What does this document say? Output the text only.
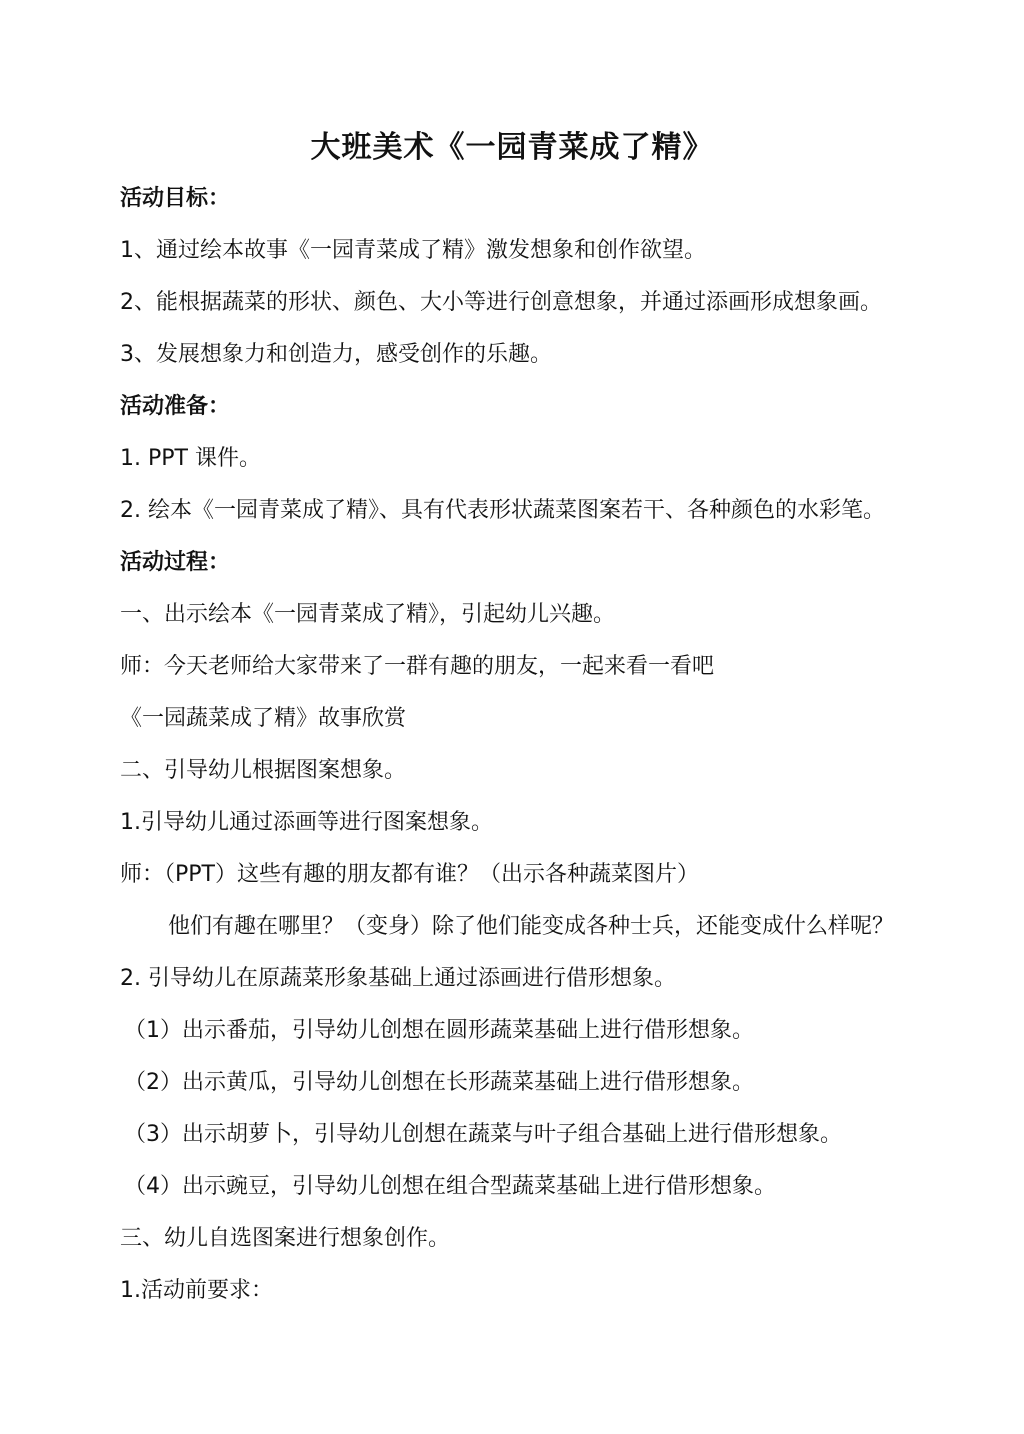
大班美术《一园青菜成了精》
活动目标：
1、通过绘本故事《一园青菜成了精》激发想象和创作欲望。
2、能根据蔬菜的形状、颜色、大小等进行创意想象，并通过添画形成想象画。
3、发展想象力和创造力，感受创作的乐趣。
活动准备：
1. PPT 课件。
2. 绘本《一园青菜成了精》、具有代表形状蔬菜图案若干、各种颜色的水彩笔。
活动过程：
一、出示绘本《一园青菜成了精》，引起幼儿兴趣。
师：今天老师给大家带来了一群有趣的朋友，一起来看一看吧
《一园蔬菜成了精》故事欣赏
二、引导幼儿根据图案想象。
1.引导幼儿通过添画等进行图案想象。
师：（PPT）这些有趣的朋友都有谁？（出示各种蔬菜图片）
他们有趣在哪里？（变身）除了他们能变成各种士兵，还能变成什么样呢？
2. 引导幼儿在原蔬菜形象基础上通过添画进行借形想象。
（1）出示番茄，引导幼儿创想在圆形蔬菜基础上进行借形想象。
（2）出示黄瓜，引导幼儿创想在长形蔬菜基础上进行借形想象。
（3）出示胡萝卜，引导幼儿创想在蔬菜与叶子组合基础上进行借形想象。
（4）出示豌豆，引导幼儿创想在组合型蔬菜基础上进行借形想象。
三、幼儿自选图案进行想象创作。
1.活动前要求：
